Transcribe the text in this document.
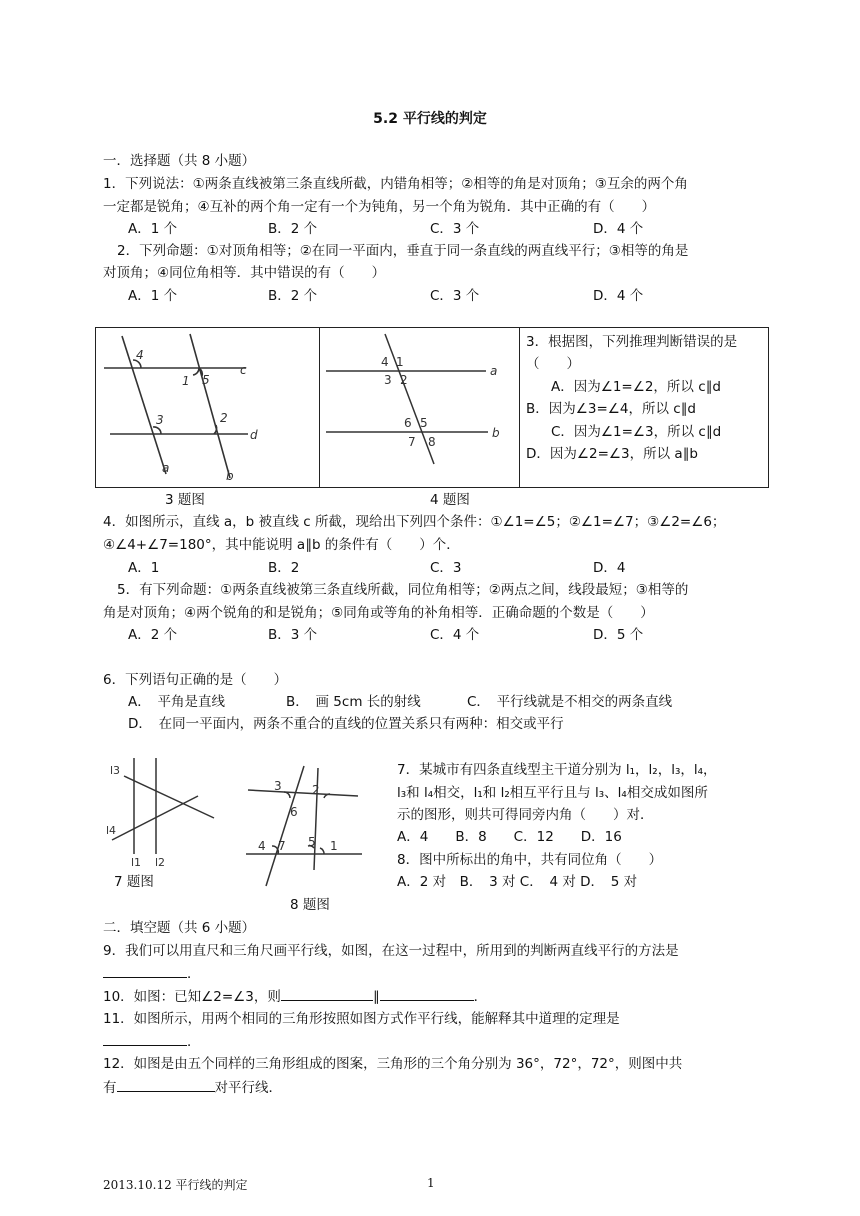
5.2 平行线的判定
一．选择题（共 8 小题）
1．下列说法：①两条直线被第三条直线所截，内错角相等；②相等的角是对顶角；③互余的两个角
一定都是锐角；④互补的两个角一定有一个为钝角，另一个角为锐角．其中正确的有（　　）
A．1 个	B．2 个	C．3 个	D．4 个
2．下列命题：①对顶角相等；②在同一平面内，垂直于同一条直线的两直线平行；③相等的角是
对顶角；④同位角相等．其中错误的有（　　）
A．1 个	B．2 个	C．3 个	D．4 个
4
1 5
c
3	2
d
a
b
4 1
3 2
a
6 5
7 8
b
3．根据图，下列推理判断错误的是
（　　）
A．因为∠1=∠2，所以 c∥d
B．因为∠3=∠4，所以 c∥d
C．因为∠1=∠3，所以 c∥d
D．因为∠2=∠3，所以 a∥b
3 题图	4 题图
4．如图所示，直线 a，b 被直线 c 所截，现给出下列四个条件：①∠1=∠5；②∠1=∠7；③∠2=∠6；
④∠4+∠7=180°，其中能说明 a∥b 的条件有（　　）个．
A．1	B．2	C．3	D．4
5．有下列命题：①两条直线被第三条直线所截，同位角相等；②两点之间，线段最短；③相等的
角是对顶角；④两个锐角的和是锐角；⑤同角或等角的补角相等．正确命题的个数是（　　）
A．2 个	B．3 个	C．4 个	D．5 个
6．下列语句正确的是（　　）
A．　平角是直线	B．　画 5cm 长的射线	C．　平行线就是不相交的两条直线
D．　在同一平面内，两条不重合的直线的位置关系只有两种：相交或平行
l3
l4
l1 l2
7 题图
3	2
6
5
4 7	1
8 题图
7．某城市有四条直线型主干道分别为 l₁，l₂，l₃，l₄，
l₃和 l₄相交，l₁和 l₂相互平行且与 l₃、l₄相交成如图所
示的图形，则共可得同旁内角（　　）对．
A．4　　B．8　　C．12　　D．16
8．图中所标出的角中，共有同位角（　　）
A．2 对　B．　3 对 C．　4 对 D．　5 对
二．填空题（共 6 小题）
9．我们可以用直尺和三角尺画平行线，如图，在这一过程中，所用到的判断两直线平行的方法是
．
10．如图：已知∠2=∠3，则	∥	．
11．如图所示，用两个相同的三角形按照如图方式作平行线，能解释其中道理的定理是
．
12．如图是由五个同样的三角形组成的图案，三角形的三个角分别为 36°，72°，72°，则图中共
有	对平行线．
2013.10.12 平行线的判定	1
